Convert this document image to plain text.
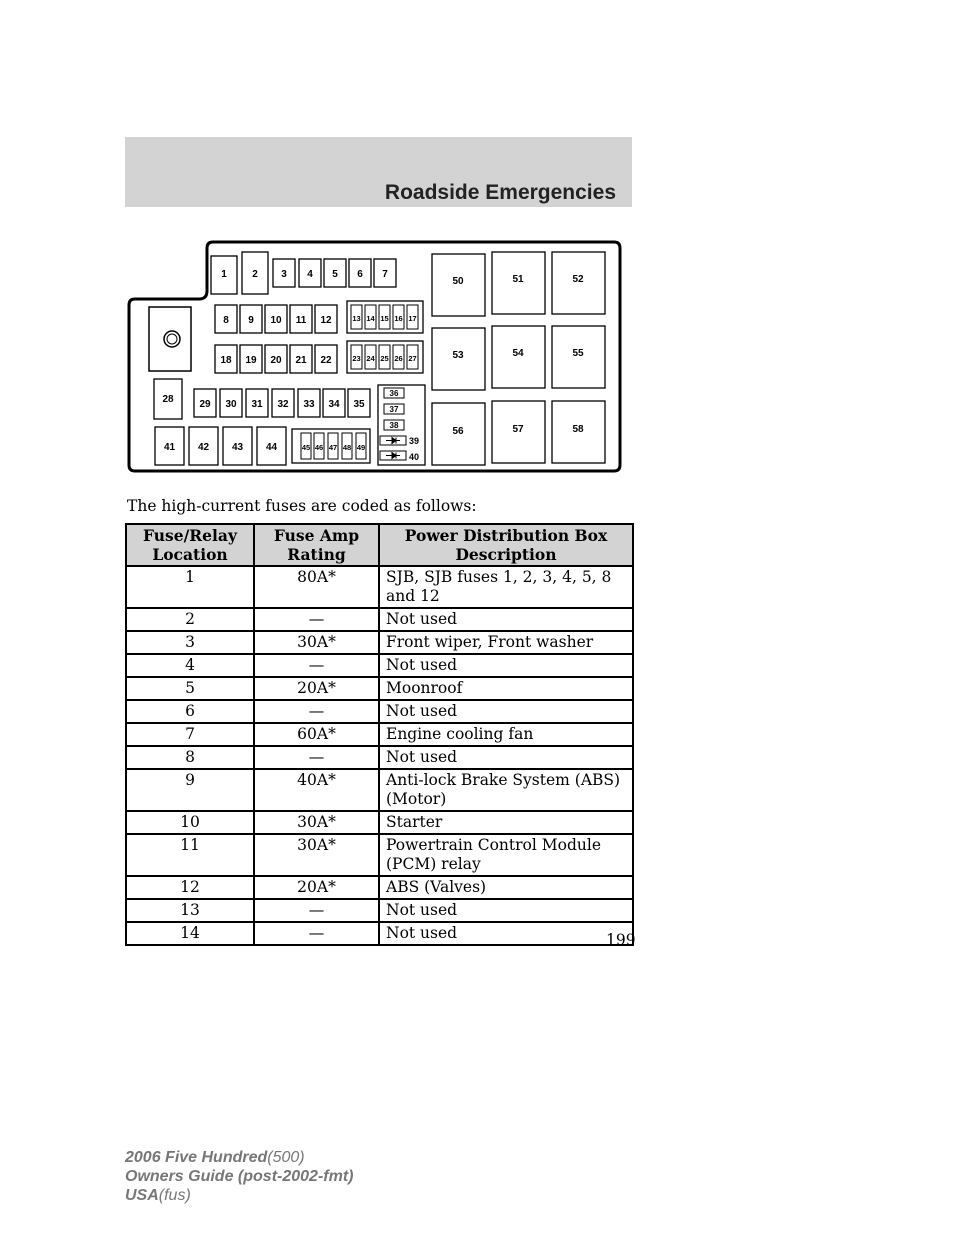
Roadside Emergencies
1	2 3 4 5 6 7
8 9 10 11 12	13 14 15 16 17
18 19 20 21 22	23 24 25 26 27
28	29 30 31 32 33 34 35
36
37
38
39
40
41 42 43 44	45 46 47 48 49
50	51	52
53	54	55
56	57	58
The high-current fuses are coded as follows:
Fuse/Relay Location	Fuse Amp Rating	Power Distribution Box Description
1	80A*	SJB, SJB fuses 1, 2, 3, 4, 5, 8 and 12
2	—	Not used
3	30A*	Front wiper, Front washer
4	—	Not used
5	20A*	Moonroof
6	—	Not used
7	60A*	Engine cooling fan
8	—	Not used
9	40A*	Anti-lock Brake System (ABS) (Motor)
10	30A*	Starter
11	30A*	Powertrain Control Module (PCM) relay
12	20A*	ABS (Valves)
13	—	Not used
14	—	Not used	199
2006 Five Hundred(500)
Owners Guide (post-2002-fmt)
USA(fus)
